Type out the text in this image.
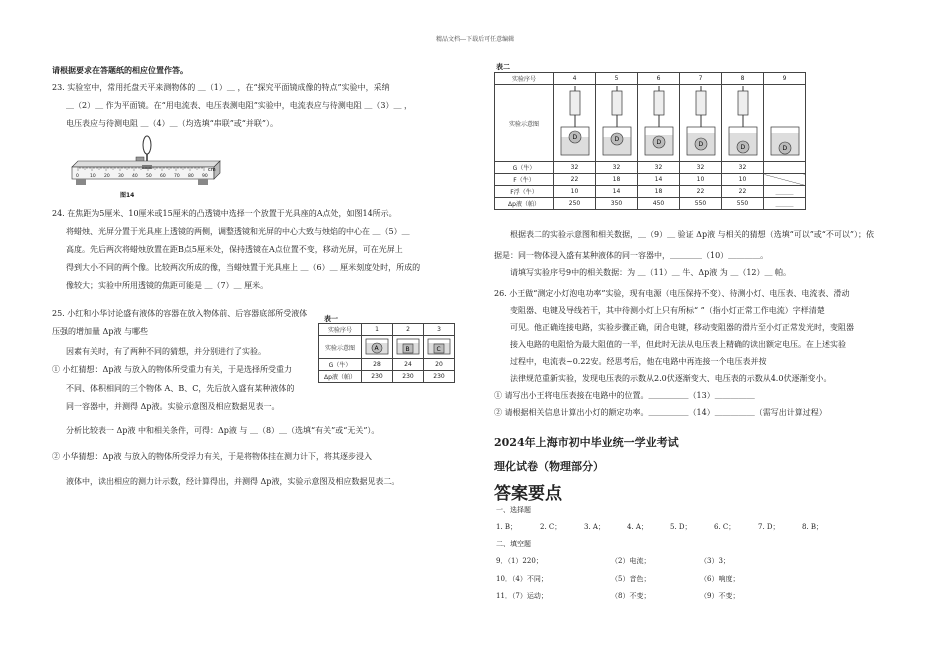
精品文档---下载后可任意编辑
请根据要求在答题纸的相应位置作答。
23. 实验室中，常用托盘天平来测物体的 ＿（1）＿ ，在“探究平面镜成像的特点”实验中，采纳
＿（2）＿ 作为平面镜。在“用电流表、电压表测电阻”实验中，电流表应与待测电阻 ＿（3）＿ ，
电压表应与待测电阻 ＿（4）＿（均选填“串联”或“并联”）。
0 10 20 30 40 50 60 70 80 90
cm
图14
24. 在焦距为5厘米、10厘米或15厘米的凸透镜中选择一个放置于光具座的A点处，如图14所示。
将蜡烛、光屏分置于光具座上透镜的两侧，调整透镜和光屏的中心大致与烛焰的中心在 ＿（5）＿
高度。先后两次将蜡烛放置在距B点5厘米处，保持透镜在A点位置不变，移动光屏，可在光屏上
得到大小不同的两个像。比较两次所成的像，当蜡烛置于光具座上 ＿（6）＿ 厘米刻度处时，所成的
像较大；实验中所用透镜的焦距可能是 ＿（7）＿ 厘米。
25. 小红和小华讨论盛有液体的容器在放入物体前、后容器底部所受液体
压强的增加量 Δp液 与哪些
因素有关时，有了两种不同的猜想，并分别进行了实验。
① 小红猜想：Δp液 与放入的物体所受重力有关，于是选择所受重力
不同、体积相同的三个物体 A、B、C，先后放入盛有某种液体的
同一容器中，并测得 Δp液。实验示意图及相应数据见表一。
分析比较表一 Δp液 中和相关条件，可得：Δp液 与 ＿（8）＿（选填“有关”或“无关”）。
② 小华猜想：Δp液 与放入的物体所受浮力有关，于是将物体挂在测力计下，将其逐步浸入
液体中，读出相应的测力计示数，经计算得出，并测得 Δp液，实验示意图及相应数据见表二。
表一
实验序号	1	2	3
实验示意图	A	B	C

G（牛）	28	24	20
Δp液（帕）	230	230	230
表二
实验序号	4	5	6	7	8	9
实验示意图	D	D	D	D	D	D

G（牛）	32	32	32	32	32	
F（牛）	22	18	14	10	10	
F浮（牛）	10	14	18	22	22	＿＿＿
Δp液（帕）	250	350	450	550	550	＿＿＿
根据表二的实验示意图和相关数据，＿（9）＿ 验证 Δp液 与相关的猜想（选填“可以”或“不可以”）；依
据是：同一物体浸入盛有某种液体的同一容器中，＿＿＿＿（10）＿＿＿＿。
请填写实验序号9中的相关数据：为 ＿（11）＿ 牛、Δp液 为 ＿（12）＿ 帕。
26. 小王做“测定小灯泡电功率”实验，现有电源（电压保持不变）、待测小灯、电压表、电流表、滑动
变阻器、电键及导线若干，其中待测小灯上只有所标“ ”（指小灯正常工作电流）字样清楚
可见。他正确连接电路，实验步骤正确，闭合电键，移动变阻器的滑片至小灯正常发光时，变阻器
接入电路的电阻恰为最大阻值的一半，但此时无法从电压表上精确的读出额定电压。在上述实验
过程中，电流表~0.22安。经思考后，他在电路中再连接一个电压表并按
法律规范重新实验，发现电压表的示数从2.0伏逐渐变大、电压表的示数从4.0伏逐渐变小。
① 请写出小王将电压表接在电路中的位置。＿＿＿＿＿（13）＿＿＿＿＿
② 请根据相关信息计算出小灯的额定功率。＿＿＿＿＿（14）＿＿＿＿＿（需写出计算过程）
2024年上海市初中毕业统一学业考试
理化试卷（物理部分）
答案要点
一、选择题
1. B；	2. C；	3. A；	4. A；	5. D；	6. C；	7. D；	8. B；
二、填空题
9．（1）220；	（2）电流；	（3）3；
10．（4）不同；	（5）音色；	（6）响度；
11．（7）运动；	（8）不变；	（9）不变；
